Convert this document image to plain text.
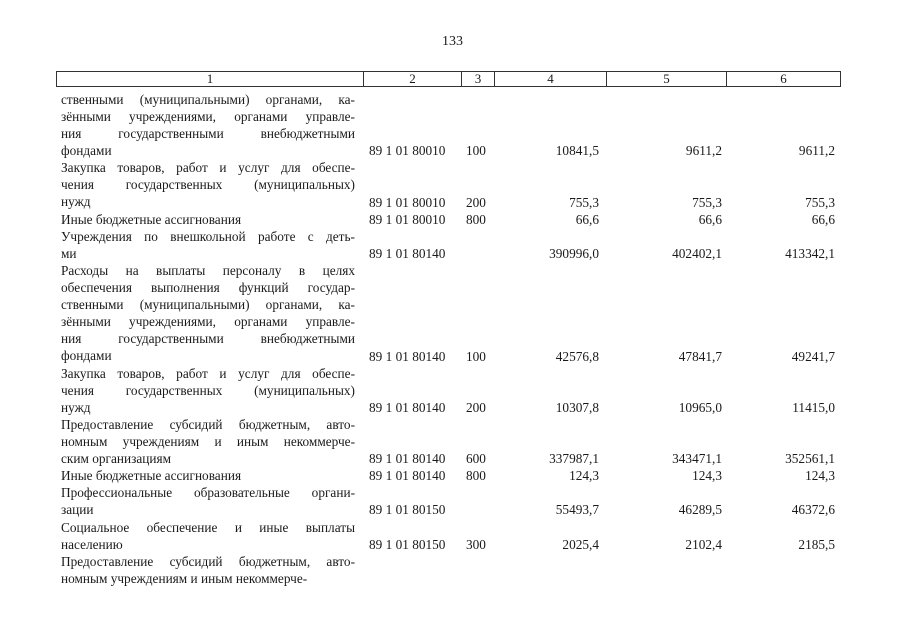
133
1	2	3	4	5	6
ственными (муниципальными) органами, ка-
зёнными учреждениями, органами управле-
ния государственными внебюджетными
фондами	89 1 01 80010 100	10841,5	9611,2	9611,2
Закупка товаров, работ и услуг для обеспе-
чения государственных (муниципальных)
нужд	89 1 01 80010 200	755,3	755,3	755,3
Иные бюджетные ассигнования	89 1 01 80010 800	66,6	66,6	66,6
Учреждения по внешкольной работе с деть-
ми	89 1 01 80140	390996,0	402402,1	413342,1
Расходы на выплаты персоналу в целях
обеспечения выполнения функций государ-
ственными (муниципальными) органами, ка-
зёнными учреждениями, органами управле-
ния государственными внебюджетными
фондами	89 1 01 80140 100	42576,8	47841,7	49241,7
Закупка товаров, работ и услуг для обеспе-
чения государственных (муниципальных)
нужд	89 1 01 80140 200	10307,8	10965,0	11415,0
Предоставление субсидий бюджетным, авто-
номным учреждениям и иным некоммерче-
ским организациям	89 1 01 80140 600	337987,1	343471,1	352561,1
Иные бюджетные ассигнования	89 1 01 80140 800	124,3	124,3	124,3
Профессиональные образовательные органи-
зации	89 1 01 80150	55493,7	46289,5	46372,6
Социальное обеспечение и иные выплаты
населению	89 1 01 80150 300	2025,4	2102,4	2185,5
Предоставление субсидий бюджетным, авто-
номным учреждениям и иным некоммерче-
